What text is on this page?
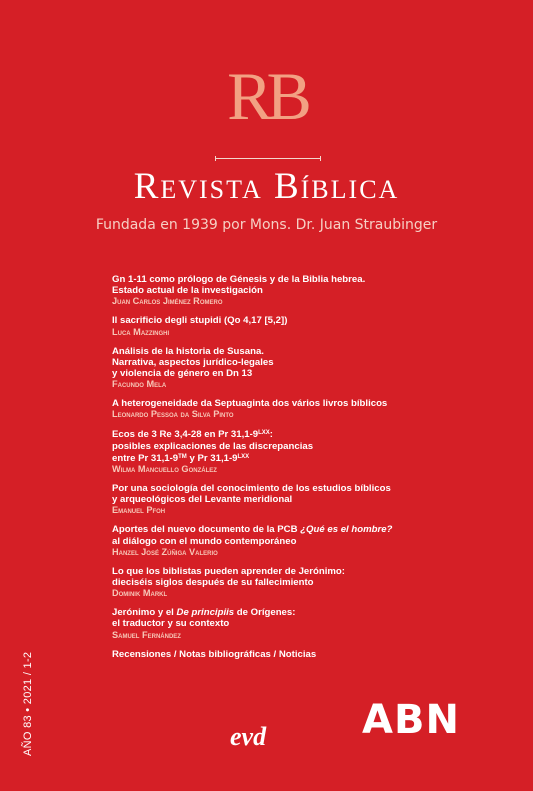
RB
Revista Bíblica
Fundada en 1939 por Mons. Dr. Juan Straubinger
Gn 1-11 como prólogo de Génesis y de la Biblia hebrea.
Estado actual de la investigación
Juan Carlos Jiménez Romero
Il sacrificio degli stupidi (Qo 4,17 [5,2])
Luca Mazzinghi
Análisis de la historia de Susana.
Narrativa, aspectos jurídico-legales
y violencia de género en Dn 13
Facundo Mela
A heterogeneidade da Septuaginta dos vários livros bíblicos
Leonardo Pessoa da Silva Pinto
Ecos de 3 Re 3,4-28 en Pr $31,1-9^{LXX}$:
posibles explicaciones de las discrepancias
entre Pr 31,1-9™ y Pr $31,1-9^{LXX}$
Wilma Mancuello González
Por una sociología del conocimiento de los estudios bíblicos
y arqueológicos del Levante meridional
Emanuel Pfoh
Aportes del nuevo documento de la PCB ¿Qué es el hombre?
al diálogo con el mundo contemporáneo
Hanzel José Zúñiga Valerio
Lo que los biblistas pueden aprender de Jerónimo:
dieciséis siglos después de su fallecimiento
Dominik Markl
Jerónimo y el De principiis de Orígenes:
el traductor y su contexto
Samuel Fernández
Recensiones / Notas bibliográficas / Noticias
AÑO 83 • 2021 / 1-2	evd ABN
